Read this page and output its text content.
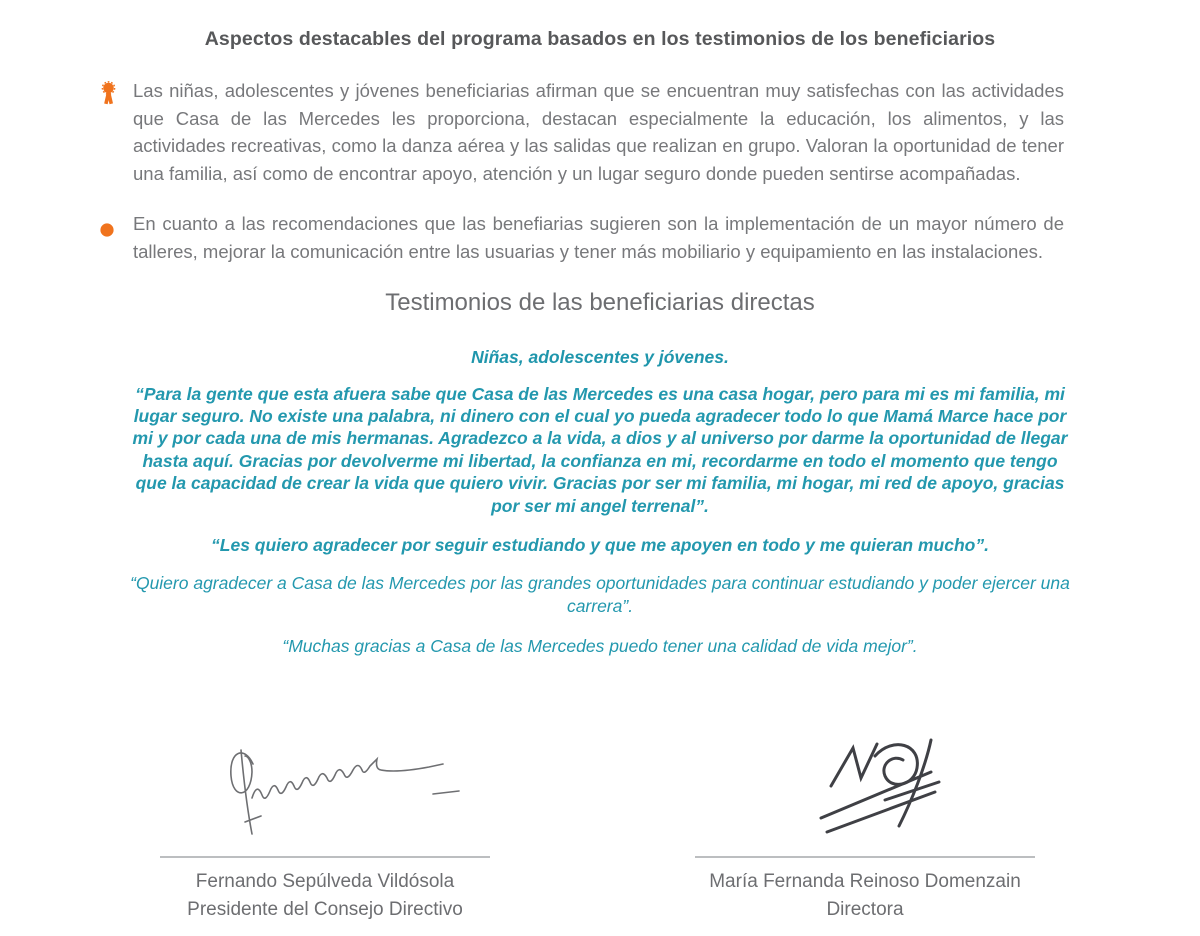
Aspectos destacables del programa basados en los testimonios de los beneficiarios

Las niñas, adolescentes y jóvenes beneficiarias afirman que se encuentran muy satisfechas con las actividades que Casa de las Mercedes les proporciona, destacan especialmente la educación, los alimentos, y las actividades recreativas, como la danza aérea y las salidas que realizan en grupo. Valoran la oportunidad de tener una familia, así como de encontrar apoyo, atención y un lugar seguro donde pueden sentirse acompañadas.

En cuanto a las recomendaciones que las benefiarias sugieren son la implementación de un mayor número de talleres, mejorar la comunicación entre las usuarias y tener más mobiliario y equipamiento en las instalaciones.

Testimonios de las beneficiarias directas
Niñas, adolescentes y jóvenes.

“Para la gente que esta afuera sabe que Casa de las Mercedes es una casa hogar, pero para mi es mi familia, mi lugar seguro. No existe una palabra, ni dinero con el cual yo pueda agradecer todo lo que Mamá Marce hace por mi y por cada una de mis hermanas. Agradezco a la vida, a dios y al universo por darme la oportunidad de llegar hasta aquí. Gracias por devolverme mi libertad, la confianza en mi, recordarme en todo el momento que tengo que la capacidad de crear la vida que quiero vivir. Gracias por ser mi familia, mi hogar, mi red de apoyo, gracias por ser mi angel terrenal”.

“Les quiero agradecer por seguir estudiando y que me apoyen en todo y me quieran mucho”.

“Quiero agradecer a Casa de las Mercedes por las grandes oportunidades para continuar estudiando y poder ejercer una carrera”.

“Muchas gracias a Casa de las Mercedes puedo tener una calidad de vida mejor”.

Fernando Sepúlveda Vildósola
Presidente del Consejo Directivo
María Fernanda Reinoso Domenzain
Directora
